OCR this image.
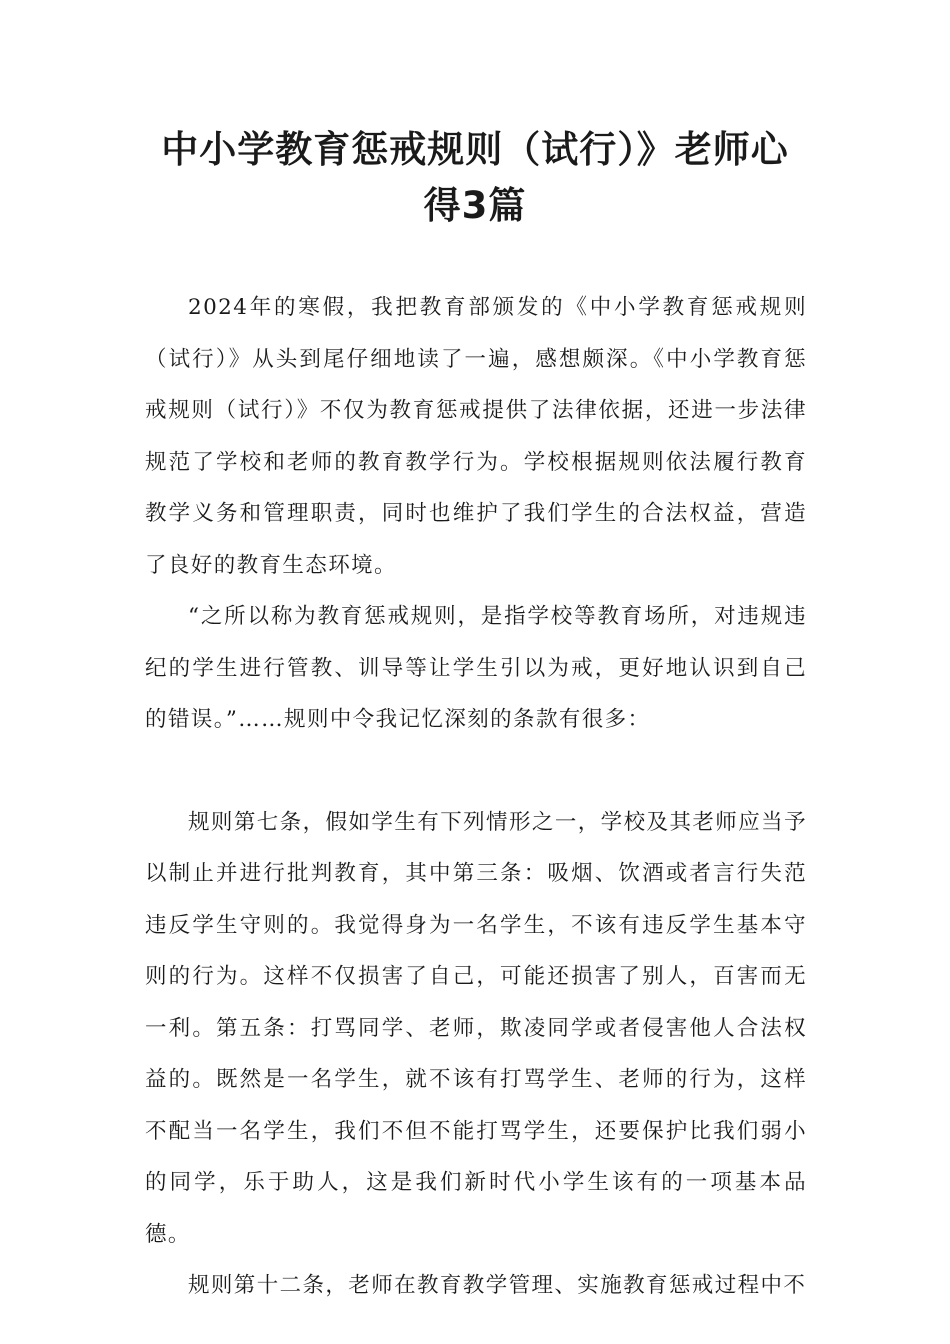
中小学教育惩戒规则（试行）》老师心
得3篇

2024年的寒假，我把教育部颁发的《中小学教育惩戒规则（试行）》从头到尾仔细地读了一遍，感想颇深。《中小学教育惩戒规则（试行）》不仅为教育惩戒提供了法律依据，还进一步法律规范了学校和老师的教育教学行为。学校根据规则依法履行教育教学义务和管理职责，同时也维护了我们学生的合法权益，营造了良好的教育生态环境。

“之所以称为教育惩戒规则，是指学校等教育场所，对违规违纪的学生进行管教、训导等让学生引以为戒，更好地认识到自己的错误。”……规则中令我记忆深刻的条款有很多：

规则第七条，假如学生有下列情形之一，学校及其老师应当予以制止并进行批判教育，其中第三条：吸烟、饮酒或者言行失范违反学生守则的。我觉得身为一名学生，不该有违反学生基本守则的行为。这样不仅损害了自己，可能还损害了别人，百害而无一利。第五条：打骂同学、老师，欺凌同学或者侵害他人合法权益的。既然是一名学生，就不该有打骂学生、老师的行为，这样不配当一名学生，我们不但不能打骂学生，还要保护比我们弱小的同学，乐于助人，这是我们新时代小学生该有的一项基本品德。

规则第十二条，老师在教育教学管理、实施教育惩戒过程中不
